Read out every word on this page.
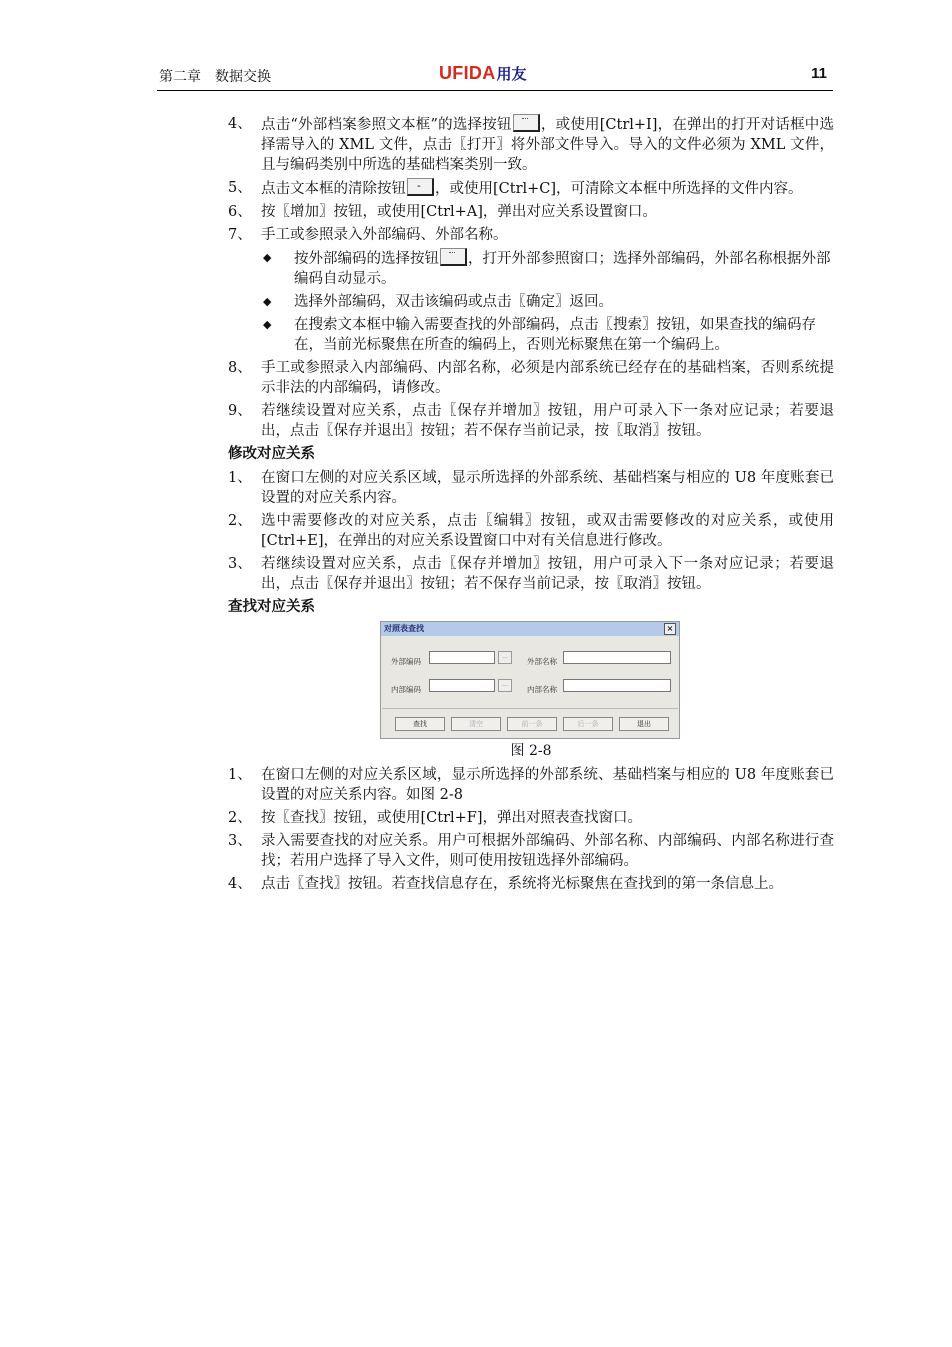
第二章 数据交换	UFIDA用友	11
4、 点击“外部档案参照文本框”的选择按钮 ，或使用[Ctrl+I]，在弹出的打开对话框中选择需导入的 XML 文件，点击〖打开〗将外部文件导入。导入的文件必须为 XML 文件，且与编码类别中所选的基础档案类别一致。
5、 点击文本框的清除按钮- ，或使用[Ctrl+C]，可清除文本框中所选择的文件内容。
6、 按〖增加〗按钮，或使用[Ctrl+A]，弹出对应关系设置窗口。
7、 手工或参照录入外部编码、外部名称。
◆ 按外部编码的选择按钮 ，打开外部参照窗口；选择外部编码，外部名称根据外部编码自动显示。
◆ 选择外部编码，双击该编码或点击〖确定〗返回。
◆ 在搜索文本框中输入需要查找的外部编码，点击〖搜索〗按钮，如果查找的编码存在，当前光标聚焦在所查的编码上，否则光标聚焦在第一个编码上。
8、 手工或参照录入内部编码、内部名称，必须是内部系统已经存在的基础档案，否则系统提示非法的内部编码，请修改。
9、 若继续设置对应关系，点击〖保存并增加〗按钮，用户可录入下一条对应记录；若要退出，点击〖保存并退出〗按钮；若不保存当前记录，按〖取消〗按钮。
修改对应关系
1、 在窗口左侧的对应关系区域，显示所选择的外部系统、基础档案与相应的 U8 年度账套已设置的对应关系内容。
2、 选中需要修改的对应关系，点击〖编辑〗按钮，或双击需要修改的对应关系，或使用[Ctrl+E]，在弹出的对应关系设置窗口中对有关信息进行修改。
3、 若继续设置对应关系，点击〖保存并增加〗按钮，用户可录入下一条对应记录；若要退出，点击〖保存并退出〗按钮；若不保存当前记录，按〖取消〗按钮。
查找对应关系
对照表查找	×
外部编码
...
外部名称
内部编码
...
内部名称
查找	清空	前一条	后一条	退出
图 2-8
1、 在窗口左侧的对应关系区域，显示所选择的外部系统、基础档案与相应的 U8 年度账套已设置的对应关系内容。如图 2-8
2、 按〖查找〗按钮，或使用[Ctrl+F]，弹出对照表查找窗口。
3、 录入需要查找的对应关系。用户可根据外部编码、外部名称、内部编码、内部名称进行查找；若用户选择了导入文件，则可使用按钮选择外部编码。
4、 点击〖查找〗按钮。若查找信息存在，系统将光标聚焦在查找到的第一条信息上。
